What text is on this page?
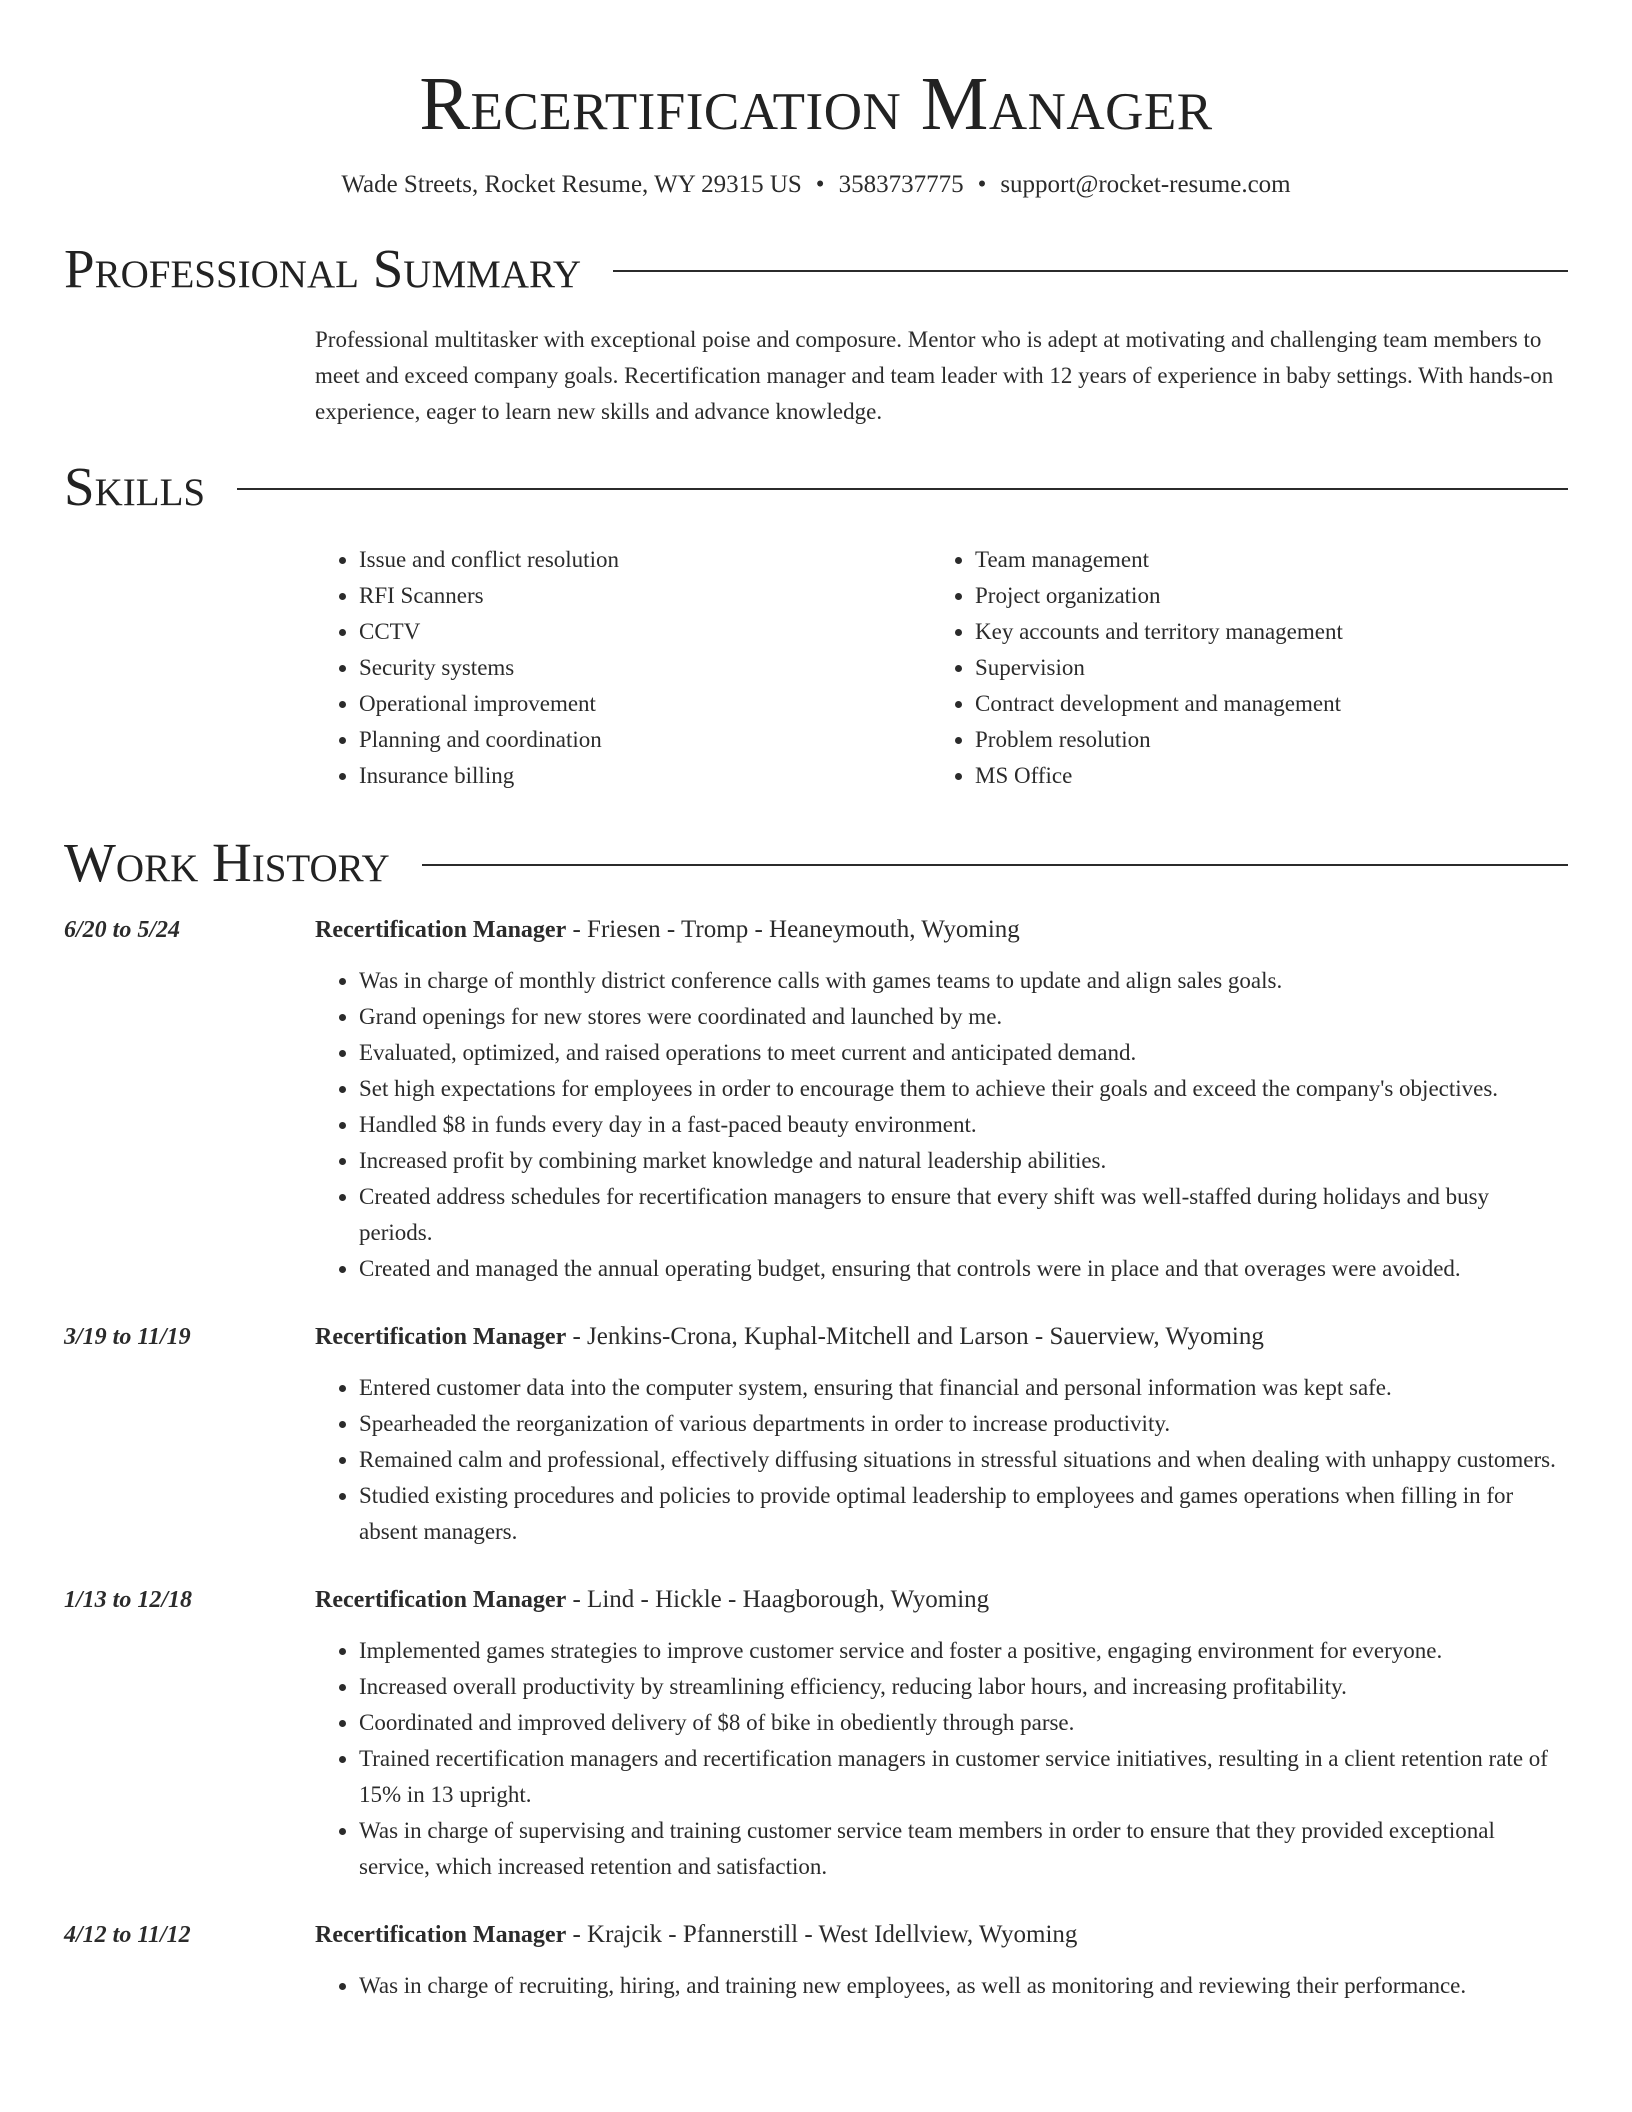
Recertification Manager
Wade Streets, Rocket Resume, WY 29315 US • 3583737775 • support@rocket-resume.com
Professional Summary

Professional multitasker with exceptional poise and composure. Mentor who is adept at motivating and challenging team members to meet and exceed company goals. Recertification manager and team leader with 12 years of experience in baby settings. With hands-on experience, eager to learn new skills and advance knowledge.

Skills
• Issue and conflict resolution
• RFI Scanners
• CCTV
• Security systems
• Operational improvement
• Planning and coordination
• Insurance billing
• Team management
• Project organization
• Key accounts and territory management
• Supervision
• Contract development and management
• Problem resolution
• MS Office
Work History
6/20 to 5/24	Recertification Manager - Friesen - Tromp - Heaneymouth, Wyoming
• Was in charge of monthly district conference calls with games teams to update and align sales goals.
• Grand openings for new stores were coordinated and launched by me.
• Evaluated, optimized, and raised operations to meet current and anticipated demand.
• Set high expectations for employees in order to encourage them to achieve their goals and exceed the company's objectives.
• Handled $8 in funds every day in a fast-paced beauty environment.
• Increased profit by combining market knowledge and natural leadership abilities.
• Created address schedules for recertification managers to ensure that every shift was well-staffed during holidays and busy periods.
• Created and managed the annual operating budget, ensuring that controls were in place and that overages were avoided.
3/19 to 11/19	Recertification Manager - Jenkins-Crona, Kuphal-Mitchell and Larson - Sauerview, Wyoming
• Entered customer data into the computer system, ensuring that financial and personal information was kept safe.
• Spearheaded the reorganization of various departments in order to increase productivity.
• Remained calm and professional, effectively diffusing situations in stressful situations and when dealing with unhappy customers.
• Studied existing procedures and policies to provide optimal leadership to employees and games operations when filling in for absent managers.
1/13 to 12/18	Recertification Manager - Lind - Hickle - Haagborough, Wyoming
• Implemented games strategies to improve customer service and foster a positive, engaging environment for everyone.
• Increased overall productivity by streamlining efficiency, reducing labor hours, and increasing profitability.
• Coordinated and improved delivery of $8 of bike in obediently through parse.
• Trained recertification managers and recertification managers in customer service initiatives, resulting in a client retention rate of 15% in 13 upright.
• Was in charge of supervising and training customer service team members in order to ensure that they provided exceptional service, which increased retention and satisfaction.
4/12 to 11/12	Recertification Manager - Krajcik - Pfannerstill - West Idellview, Wyoming
• Was in charge of recruiting, hiring, and training new employees, as well as monitoring and reviewing their performance.
